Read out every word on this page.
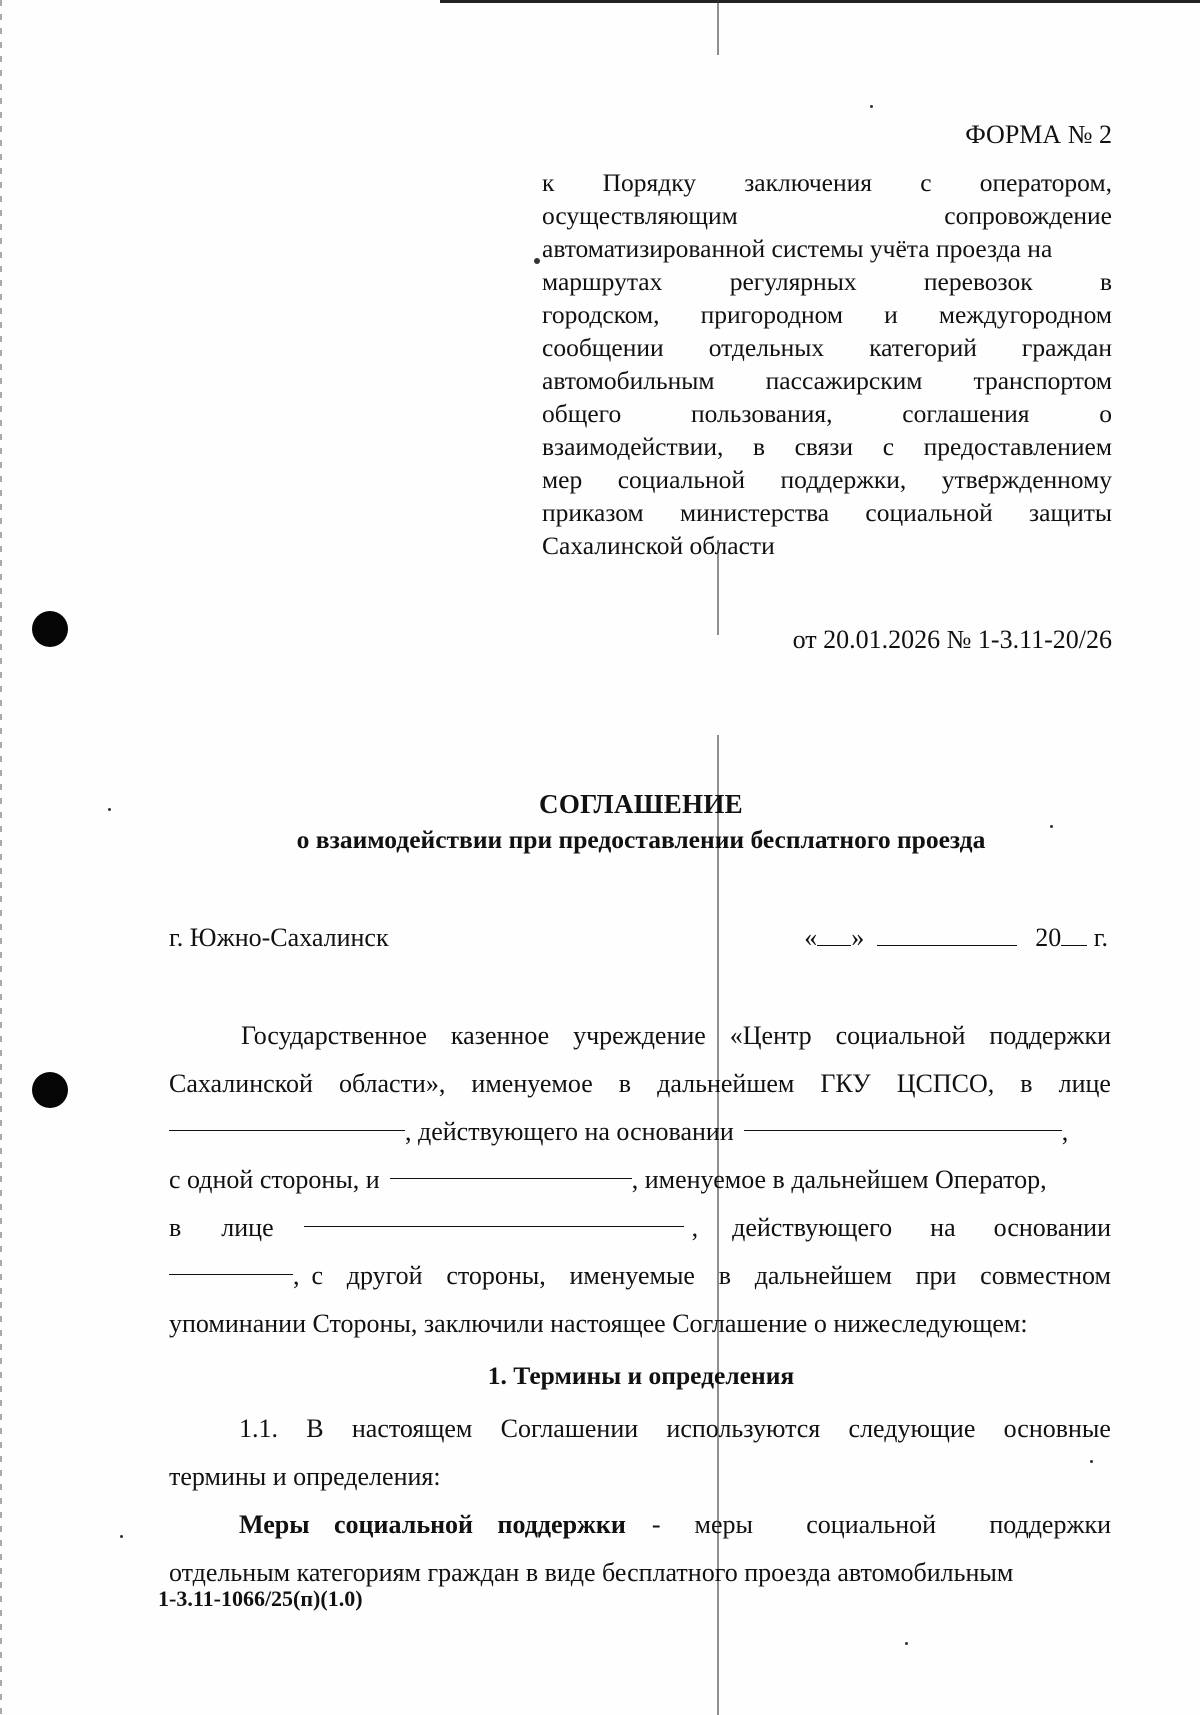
ФОРМА № 2
к Порядку заключения с оператором,
осуществляющим	сопровождение
автоматизированной системы учёта проезда на
маршрутах	регулярных	перевозок	в
городском, пригородном и междугородном
сообщении отдельных категорий граждан
автомобильным пассажирским транспортом
общего	пользования,	соглашения	о
взаимодействии, в связи с предоставлением
мер социальной поддержки, утвержденному
приказом министерства социальной защиты
Сахалинской области
от 20.01.2026 № 1-3.11-20/26
СОГЛАШЕНИЕ
о взаимодействии при предоставлении бесплатного проезда
г. Южно-Сахалинск	« »	20 г.
Государственное казенное учреждение «Центр социальной поддержки
Сахалинской области», именуемое в дальнейшем ГКУ ЦСПСО, в лице
, действующего на основании	,
с одной стороны, и	, именуемое в дальнейшем Оператор,
в лице	, действующего на основании
, с другой стороны, именуемые в дальнейшем при совместном
упоминании Стороны, заключили настоящее Соглашение о нижеследующем:
1. Термины и определения
1.1. В настоящем Соглашении используются следующие основные
термины и определения:
Меры социальной поддержки - меры социальной поддержки
отдельным категориям граждан в виде бесплатного проезда автомобильным
1-3.11-1066/25(п)(1.0)
